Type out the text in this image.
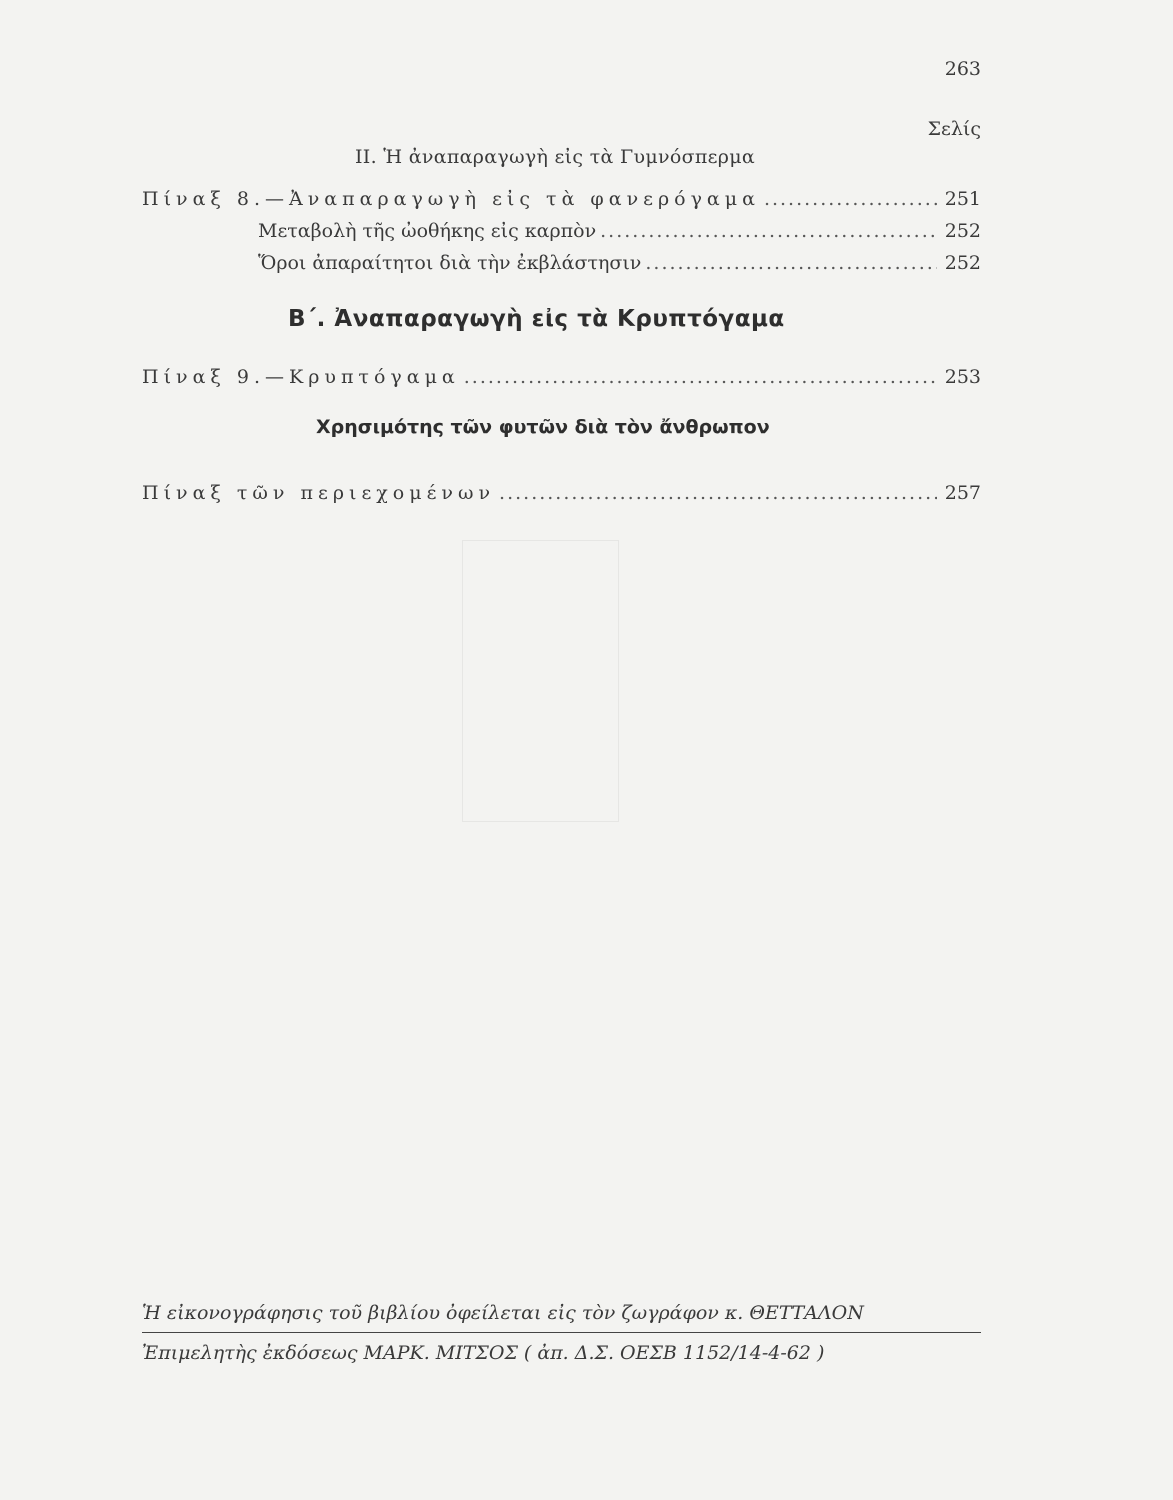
263
Σελίς
ΙΙ. Ἡ ἀναπαραγωγὴ εἰς τὰ Γυμνόσπερμα
Πίναξ 8.—Ἀναπαραγωγὴ εἰς τὰ φανερόγαμα .....	251
Μεταβολὴ τῆς ὠοθήκης εἰς καρπὸν .....	252
Ὅροι ἀπαραίτητοι διὰ τὴν ἐκβλάστησιν .....	252
Β΄. Ἀναπαραγωγὴ εἰς τὰ Κρυπτόγαμα
Πίναξ 9.—Κρυπτόγαμα .....	253
Χρησιμότης τῶν φυτῶν διὰ τὸν ἄνθρωπον
Πίναξ τῶν περιεχομένων .....	257
Ἡ εἰκονογράφησις τοῦ βιβλίου ὀφείλεται εἰς τὸν ζωγράφον κ. ΘΕΤΤΑΛΟΝ
Ἐπιμελητὴς ἐκδόσεως ΜΑΡΚ. ΜΙΤΣΟΣ ( ἀπ. Δ.Σ. ΟΕΣΒ 1152/14-4-62 )
